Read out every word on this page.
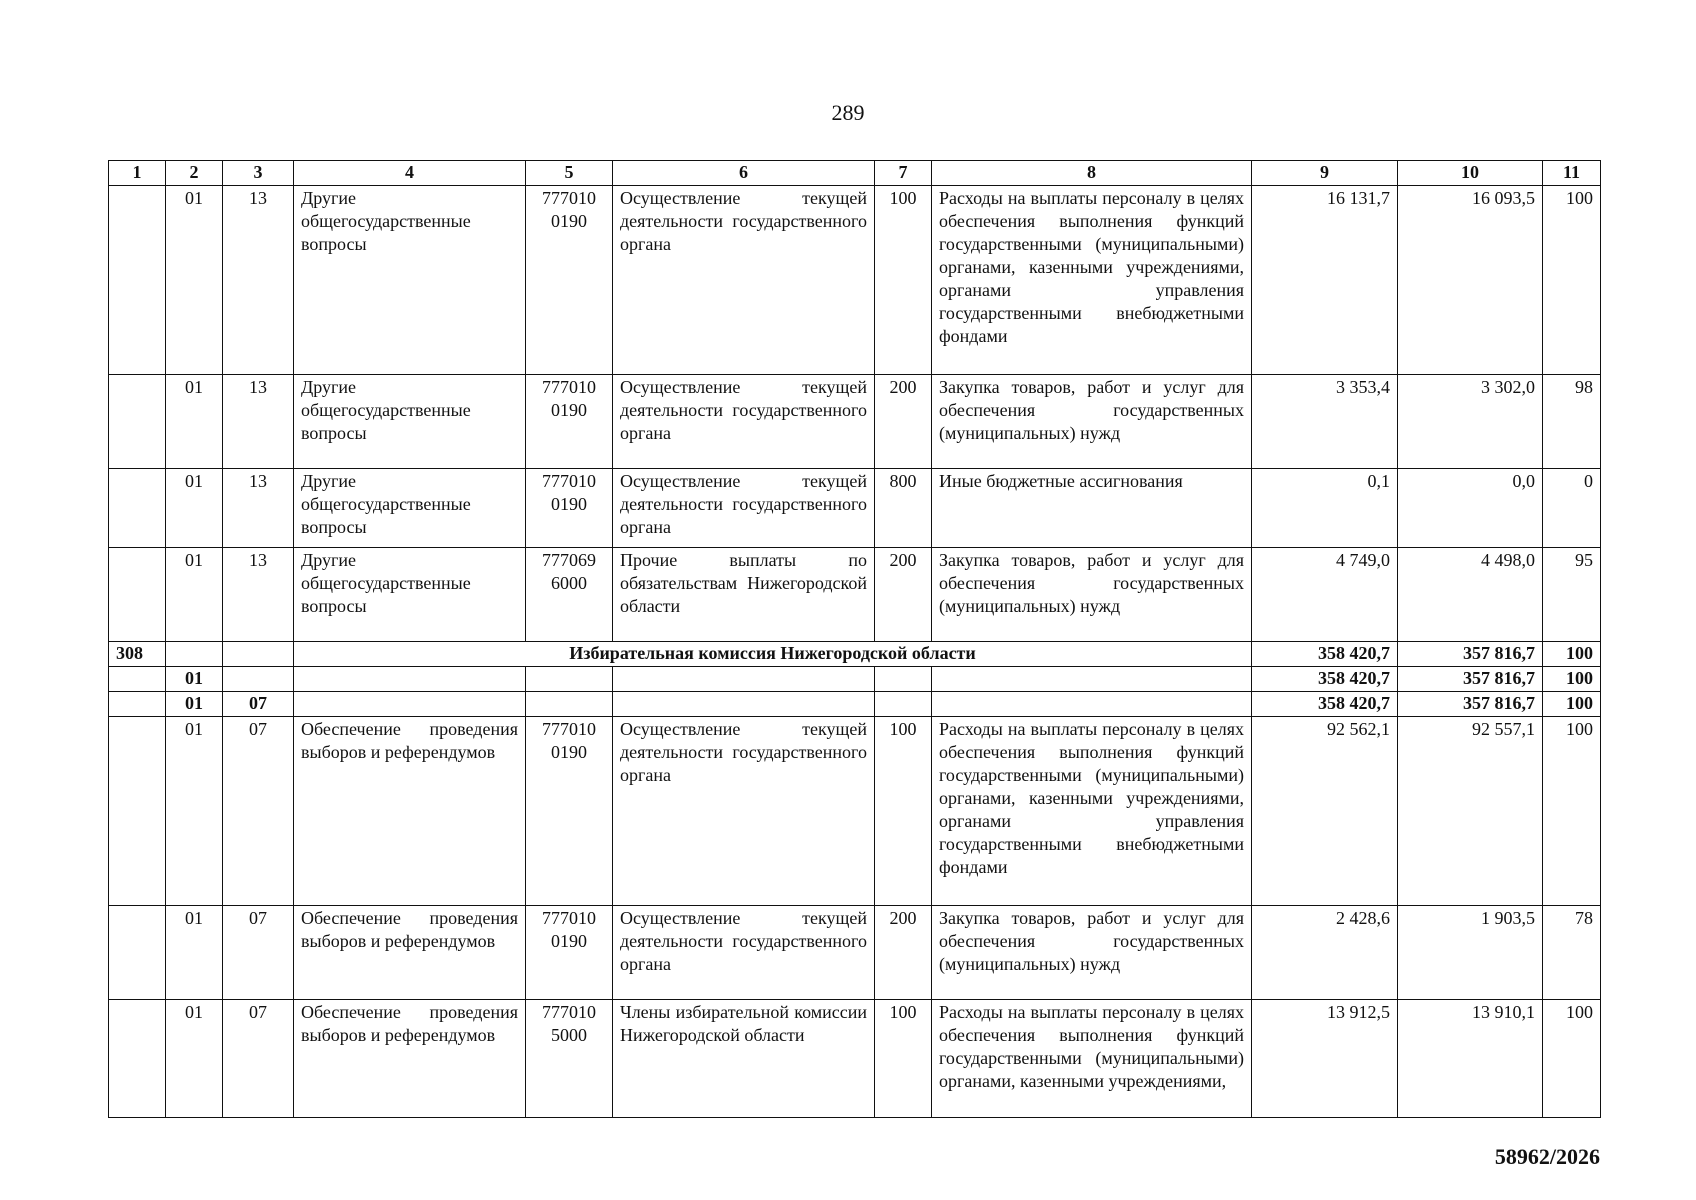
289
1	2	3	4	5	6	7	8	9	10	11
	01	13	Другие общегосударственные вопросы	777010 0190	Осуществление текущей деятельности государственного органа	100	Расходы на выплаты персоналу в целях обеспечения выполнения функций государственными (муниципальными) органами, казенными учреждениями, органами управления государственными внебюджетными фондами	16 131,7	16 093,5	100
	01	13	Другие общегосударственные вопросы	777010 0190	Осуществление текущей деятельности государственного органа	200	Закупка товаров, работ и услуг для обеспечения государственных (муниципальных) нужд	3 353,4	3 302,0	98
	01	13	Другие общегосударственные вопросы	777010 0190	Осуществление текущей деятельности государственного органа	800	Иные бюджетные ассигнования	0,1	0,0	0
	01	13	Другие общегосударственные вопросы	777069 6000	Прочие выплаты по обязательствам Нижегородской области	200	Закупка товаров, работ и услуг для обеспечения государственных (муниципальных) нужд	4 749,0	4 498,0	95
308			Избирательная комиссия Нижегородской области					358 420,7	357 816,7	100
	01							358 420,7	357 816,7	100
	01	07						358 420,7	357 816,7	100
	01	07	Обеспечение проведения выборов и референдумов	777010 0190	Осуществление текущей деятельности государственного органа	100	Расходы на выплаты персоналу в целях обеспечения выполнения функций государственными (муниципальными) органами, казенными учреждениями, органами управления государственными внебюджетными фондами	92 562,1	92 557,1	100
	01	07	Обеспечение проведения выборов и референдумов	777010 0190	Осуществление текущей деятельности государственного органа	200	Закупка товаров, работ и услуг для обеспечения государственных (муниципальных) нужд	2 428,6	1 903,5	78
	01	07	Обеспечение проведения выборов и референдумов	777010 5000	Члены избирательной комиссии Нижегородской области	100	Расходы на выплаты персоналу в целях обеспечения выполнения функций государственными (муниципальными) органами, казенными учреждениями,	13 912,5	13 910,1	100
58962/2026
